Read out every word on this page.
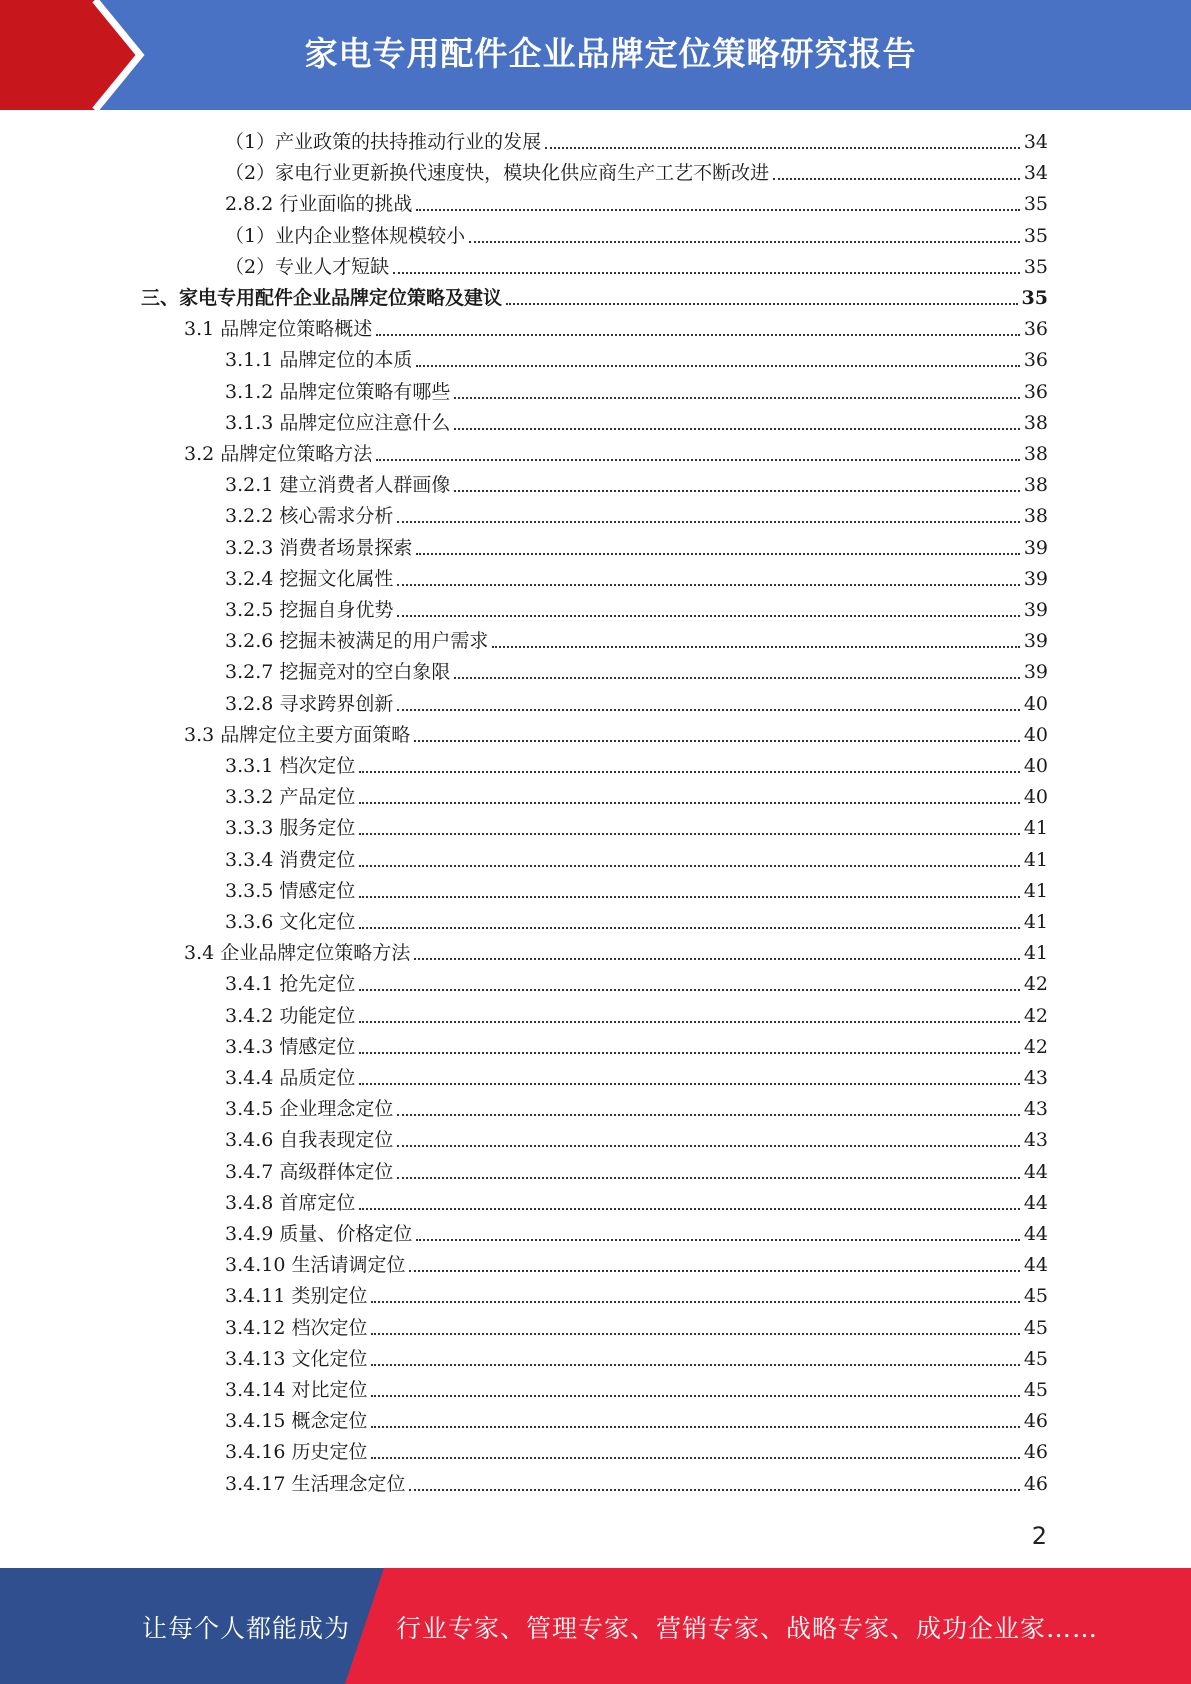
家电专用配件企业品牌定位策略研究报告
（1）产业政策的扶持推动行业的发展	34
（2）家电行业更新换代速度快，模块化供应商生产工艺不断改进	34
2.8.2 行业面临的挑战	35
（1）业内企业整体规模较小	35
（2）专业人才短缺	35
三、家电专用配件企业品牌定位策略及建议	35
3.1 品牌定位策略概述	36
3.1.1 品牌定位的本质	36
3.1.2 品牌定位策略有哪些	36
3.1.3 品牌定位应注意什么	38
3.2 品牌定位策略方法	38
3.2.1 建立消费者人群画像	38
3.2.2 核心需求分析	38
3.2.3 消费者场景探索	39
3.2.4 挖掘文化属性	39
3.2.5 挖掘自身优势	39
3.2.6 挖掘未被满足的用户需求	39
3.2.7 挖掘竞对的空白象限	39
3.2.8 寻求跨界创新	40
3.3 品牌定位主要方面策略	40
3.3.1 档次定位	40
3.3.2 产品定位	40
3.3.3 服务定位	41
3.3.4 消费定位	41
3.3.5 情感定位	41
3.3.6 文化定位	41
3.4 企业品牌定位策略方法	41
3.4.1 抢先定位	42
3.4.2 功能定位	42
3.4.3 情感定位	42
3.4.4 品质定位	43
3.4.5 企业理念定位	43
3.4.6 自我表现定位	43
3.4.7 高级群体定位	44
3.4.8 首席定位	44
3.4.9 质量、价格定位	44
3.4.10 生活请调定位	44
3.4.11 类别定位	45
3.4.12 档次定位	45
3.4.13 文化定位	45
3.4.14 对比定位	45
3.4.15 概念定位	46
3.4.16 历史定位	46
3.4.17 生活理念定位	46
2
让每个人都能成为 行业专家、管理专家、营销专家、战略专家、成功企业家……
